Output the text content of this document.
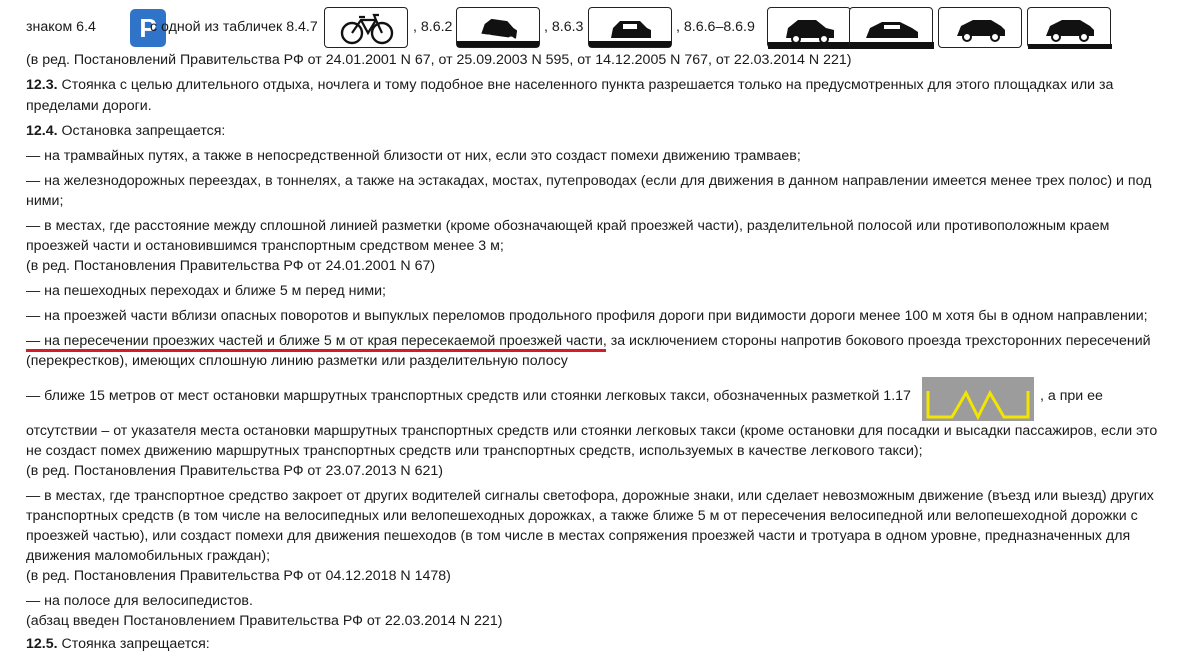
знаком 6.4	P
с одной из табличек 8.4.7	, 8.6.2	, 8.6.3	, 8.6.6–8.6.9
(в ред. Постановлений Правительства РФ от 24.01.2001 N 67, от 25.09.2003 N 595, от 14.12.2005 N 767, от 22.03.2014 N 221)
12.3. Стоянка с целью длительного отдыха, ночлега и тому подобное вне населенного пункта разрешается только на предусмотренных для этого площадках или за
пределами дороги.
12.4. Остановка запрещается:
— на трамвайных путях, а также в непосредственной близости от них, если это создаст помехи движению трамваев;
— на железнодорожных переездах, в тоннелях, а также на эстакадах, мостах, путепроводах (если для движения в данном направлении имеется менее трех полос) и под
ними;
— в местах, где расстояние между сплошной линией разметки (кроме обозначающей край проезжей части), разделительной полосой или противоположным краем
проезжей части и остановившимся транспортным средством менее 3 м;
(в ред. Постановления Правительства РФ от 24.01.2001 N 67)
— на пешеходных переходах и ближе 5 м перед ними;
— на проезжей части вблизи опасных поворотов и выпуклых переломов продольного профиля дороги при видимости дороги менее 100 м хотя бы в одном направлении;
— на пересечении проезжих частей и ближе 5 м от края пересекаемой проезжей части, за исключением стороны напротив бокового проезда трехсторонних пересечений
(перекрестков), имеющих сплошную линию разметки или разделительную полосу
— ближе 15 метров от мест остановки маршрутных транспортных средств или стоянки легковых такси, обозначенных разметкой 1.17	, а при ее
отсутствии – от указателя места остановки маршрутных транспортных средств или стоянки легковых такси (кроме остановки для посадки и высадки пассажиров, если это
не создаст помех движению маршрутных транспортных средств или транспортных средств, используемых в качестве легкового такси);
(в ред. Постановления Правительства РФ от 23.07.2013 N 621)
— в местах, где транспортное средство закроет от других водителей сигналы светофора, дорожные знаки, или сделает невозможным движение (въезд или выезд) других
транспортных средств (в том числе на велосипедных или велопешеходных дорожках, а также ближе 5 м от пересечения велосипедной или велопешеходной дорожки с
проезжей частью), или создаст помехи для движения пешеходов (в том числе в местах сопряжения проезжей части и тротуара в одном уровне, предназначенных для
движения маломобильных граждан);
(в ред. Постановления Правительства РФ от 04.12.2018 N 1478)
— на полосе для велосипедистов.
(абзац введен Постановлением Правительства РФ от 22.03.2014 N 221)
12.5. Стоянка запрещается:
